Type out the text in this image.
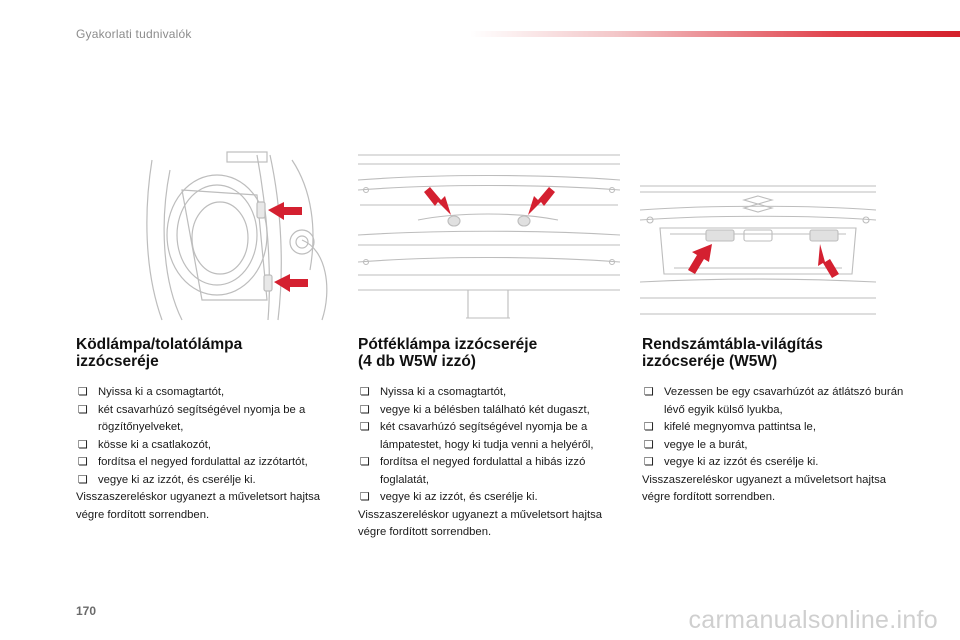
Gyakorlati tudnivalók
Ködlámpa/tolatólámpa
izzócseréje
❏ Nyissa ki a csomagtartót,
❏ két csavarhúzó segítségével nyomja be a rögzítőnyelveket,
❏ kösse ki a csatlakozót,
❏ fordítsa el negyed fordulattal az izzótartót,
❏ vegye ki az izzót, és cserélje ki.
Visszaszereléskor ugyanezt a műveletsort hajtsa végre fordított sorrendben.
Pótféklámpa izzócseréje
(4 db W5W izzó)
❏ Nyissa ki a csomagtartót,
❏ vegye ki a bélésben található két dugaszt,
❏ két csavarhúzó segítségével nyomja be a lámpatestet, hogy ki tudja venni a helyéről,
❏ fordítsa el negyed fordulattal a hibás izzó foglalatát,
❏ vegye ki az izzót, és cserélje ki.
Visszaszereléskor ugyanezt a műveletsort hajtsa végre fordított sorrendben.
Rendszámtábla-világítás
izzócseréje (W5W)
❏ Vezessen be egy csavarhúzót az átlátszó burán lévő egyik külső lyukba,
❏ kifelé megnyomva pattintsa le,
❏ vegye le a burát,
❏ vegye ki az izzót és cserélje ki.
Visszaszereléskor ugyanezt a műveletsort hajtsa végre fordított sorrendben.
170	carmanualsonline.info
